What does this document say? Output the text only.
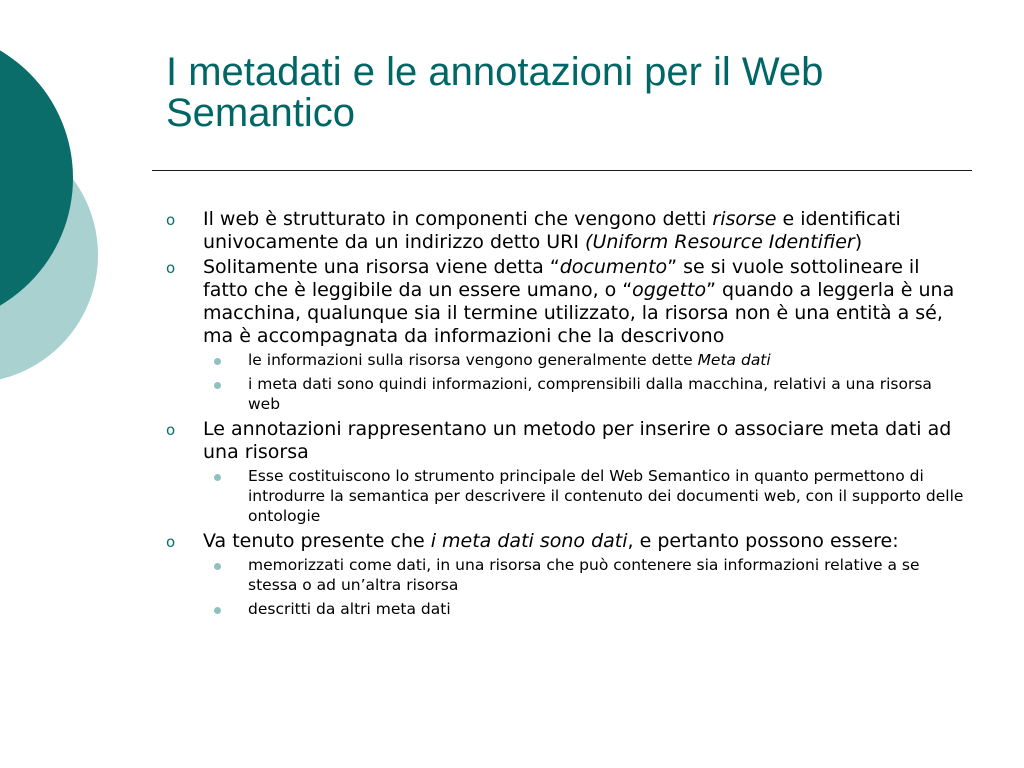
I metadati e le annotazioni per il Web
Semantico
o Il web è strutturato in componenti che vengono detti risorse e identificati univocamente da un indirizzo detto URI (Uniform Resource Identifier)
o Solitamente una risorsa viene detta “documento” se si vuole sottolineare il fatto che è leggibile da un essere umano, o “oggetto” quando a leggerla è una macchina, qualunque sia il termine utilizzato, la risorsa non è una entità a sé, ma è accompagnata da informazioni che la descrivono
le informazioni sulla risorsa vengono generalmente dette Meta dati
i meta dati sono quindi informazioni, comprensibili dalla macchina, relativi a una risorsa web
o Le annotazioni rappresentano un metodo per inserire o associare meta dati ad una risorsa
Esse costituiscono lo strumento principale del Web Semantico in quanto permettono di introdurre la semantica per descrivere il contenuto dei documenti web, con il supporto delle ontologie
o Va tenuto presente che i meta dati sono dati, e pertanto possono essere:
memorizzati come dati, in una risorsa che può contenere sia informazioni relative a se stessa o ad un’altra risorsa
descritti da altri meta dati
